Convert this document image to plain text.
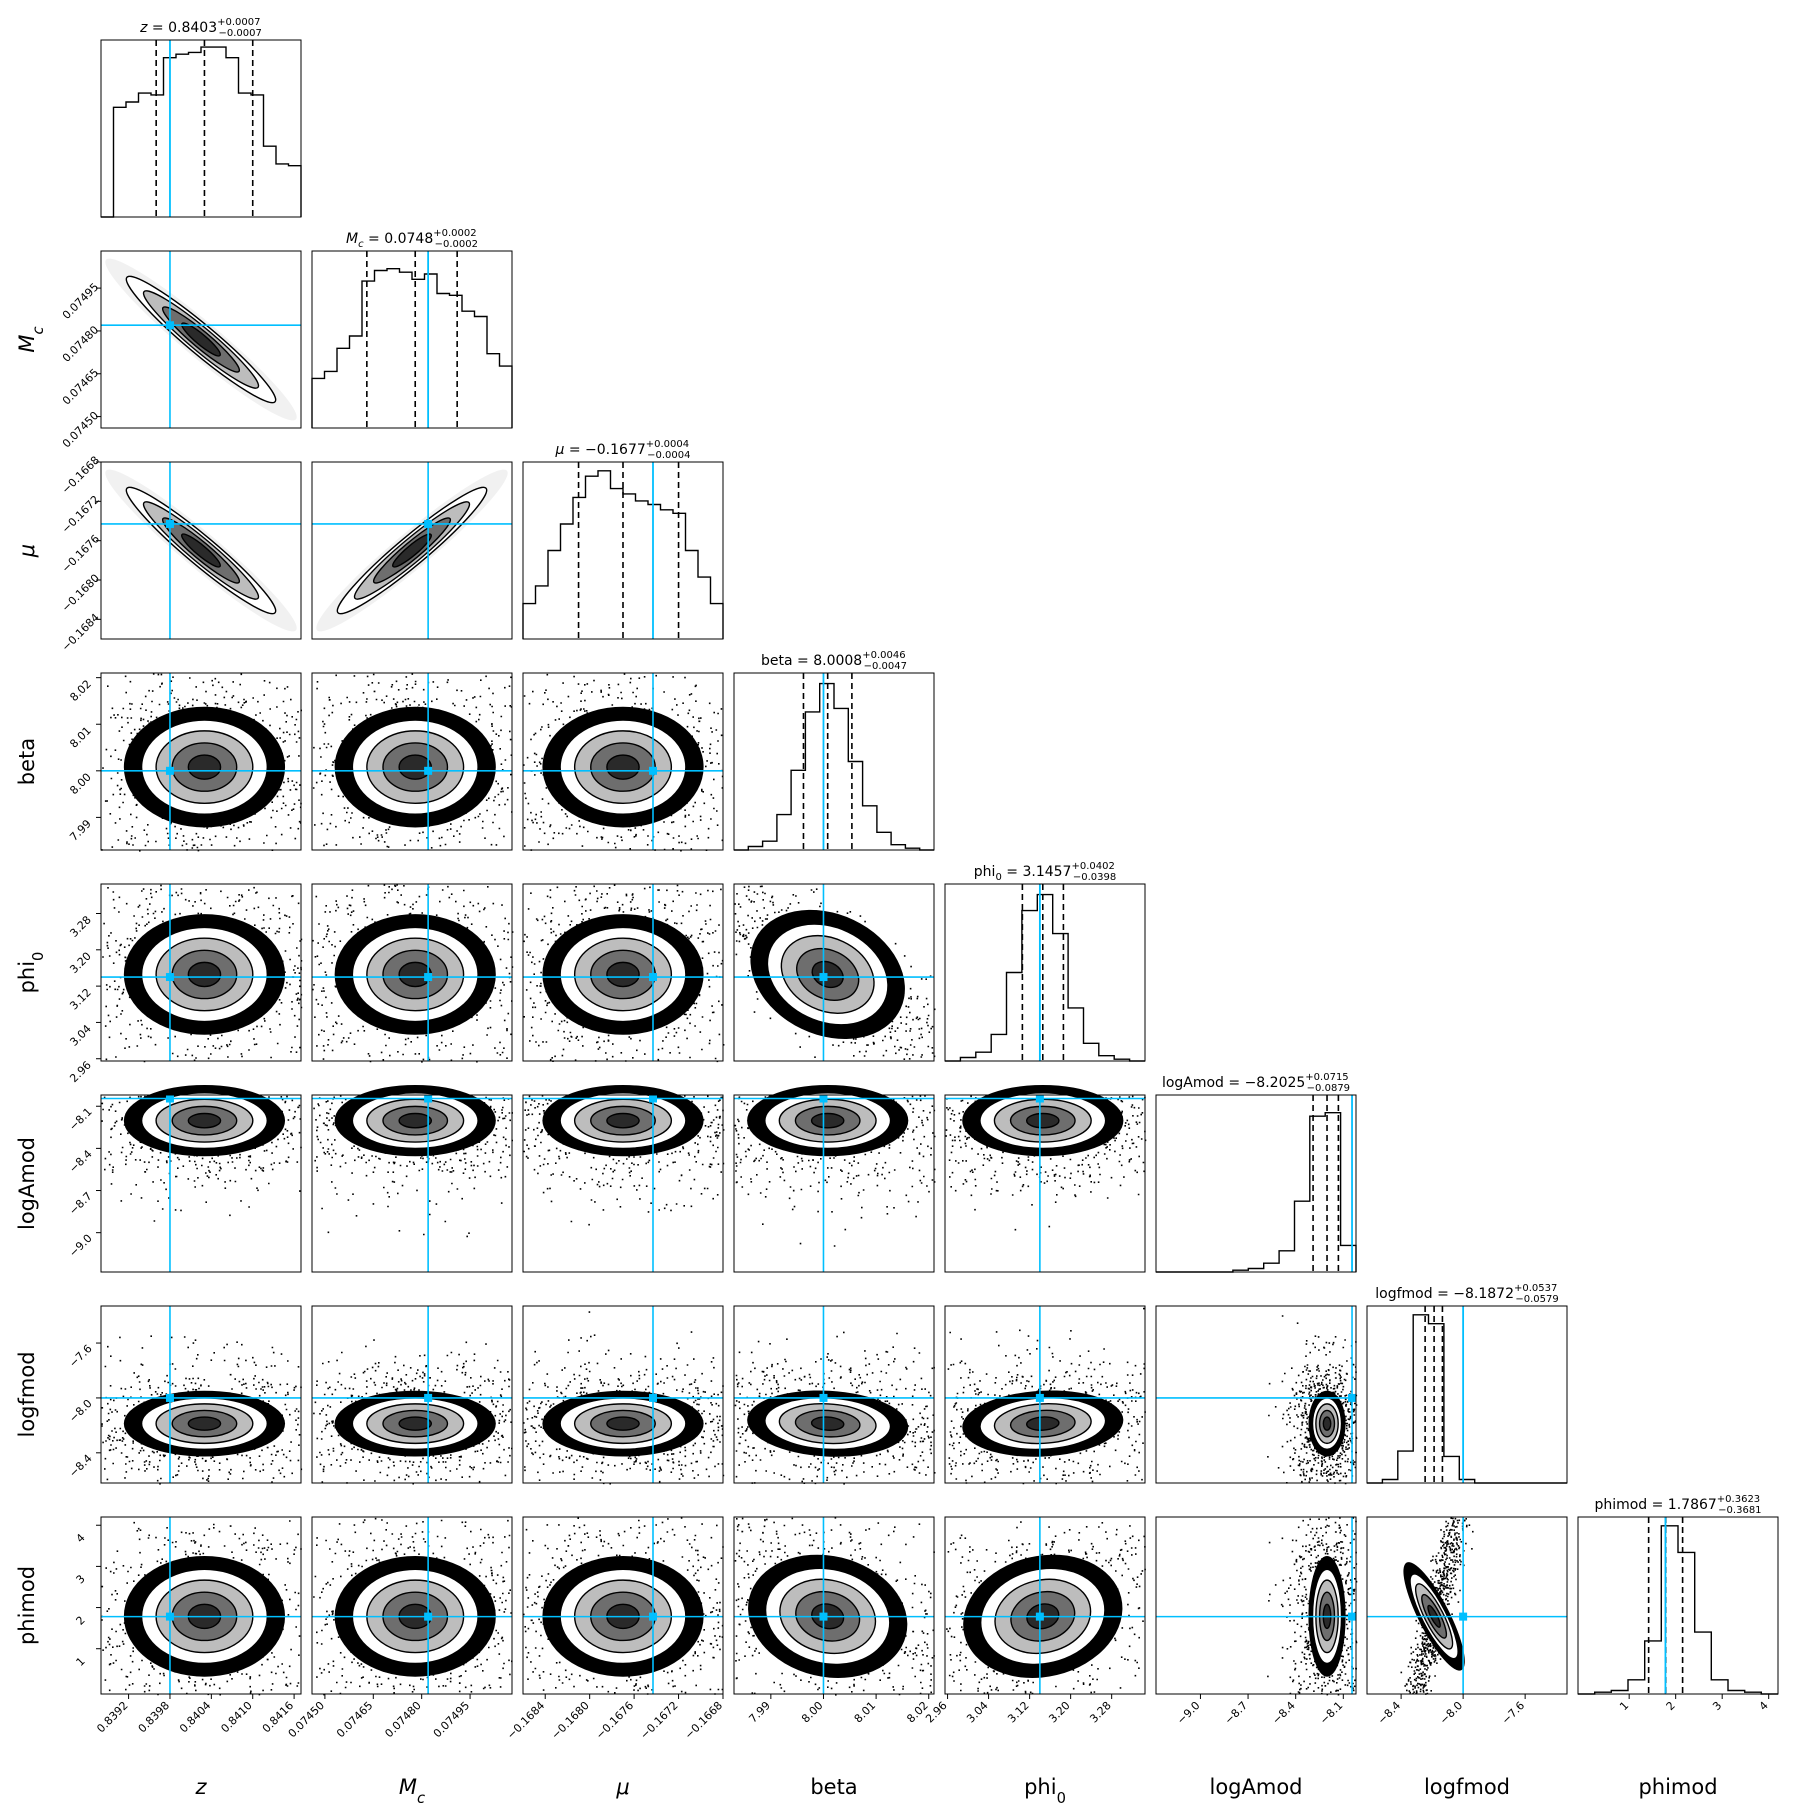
$z = 0.8403^{+0.0007} -0.0007$
0.07450
0.07465
0.07480
0.07495
$M_c = 0.0748^{+0.0002} -0.0002$
−0.1684
−0.1680
−0.1676
−0.1672
−0.1668
$\mu = -0.1677^{+0.0004} -0.0004$
7.99
8.00
8.01
8.02
beta = $8.0008^{+0.0046} -0.0047$
2.96
3.04
3.12
3.20
3.28
$phi_0 = 3.1457^{+0.0402} -0.0398$
−9.0
−8.7
−8.4
−8.1
logAmod = $-8.2025^{+0.0715} -0.0879$
−8.4
−8.0
−7.6
logfmod = $-8.1872^{+0.0537} -0.0579$
1
2
3
4
0.8392 0.8398 0.8404 0.8410 0.8416
0.07450 0.07465 0.07480 0.07495	−0.1684 −0.1680 −0.1676 −0.1672 −0.1668 7.99 8.00 8.01 8.02
2.96 3.04 3.12 3.20 3.28	−9.0 −8.7 −8.4 −8.1	−8.4	−8.0	−7.6
phimod = $1.7867^{+0.3623} -0.3681$
1	2	3	4
z	$M_c$	μ	beta	phi$_0$	logAmod	logfmod	phimod
$M_c$
μ
beta
phi$_0$
logAmod
logfmod
phimod
